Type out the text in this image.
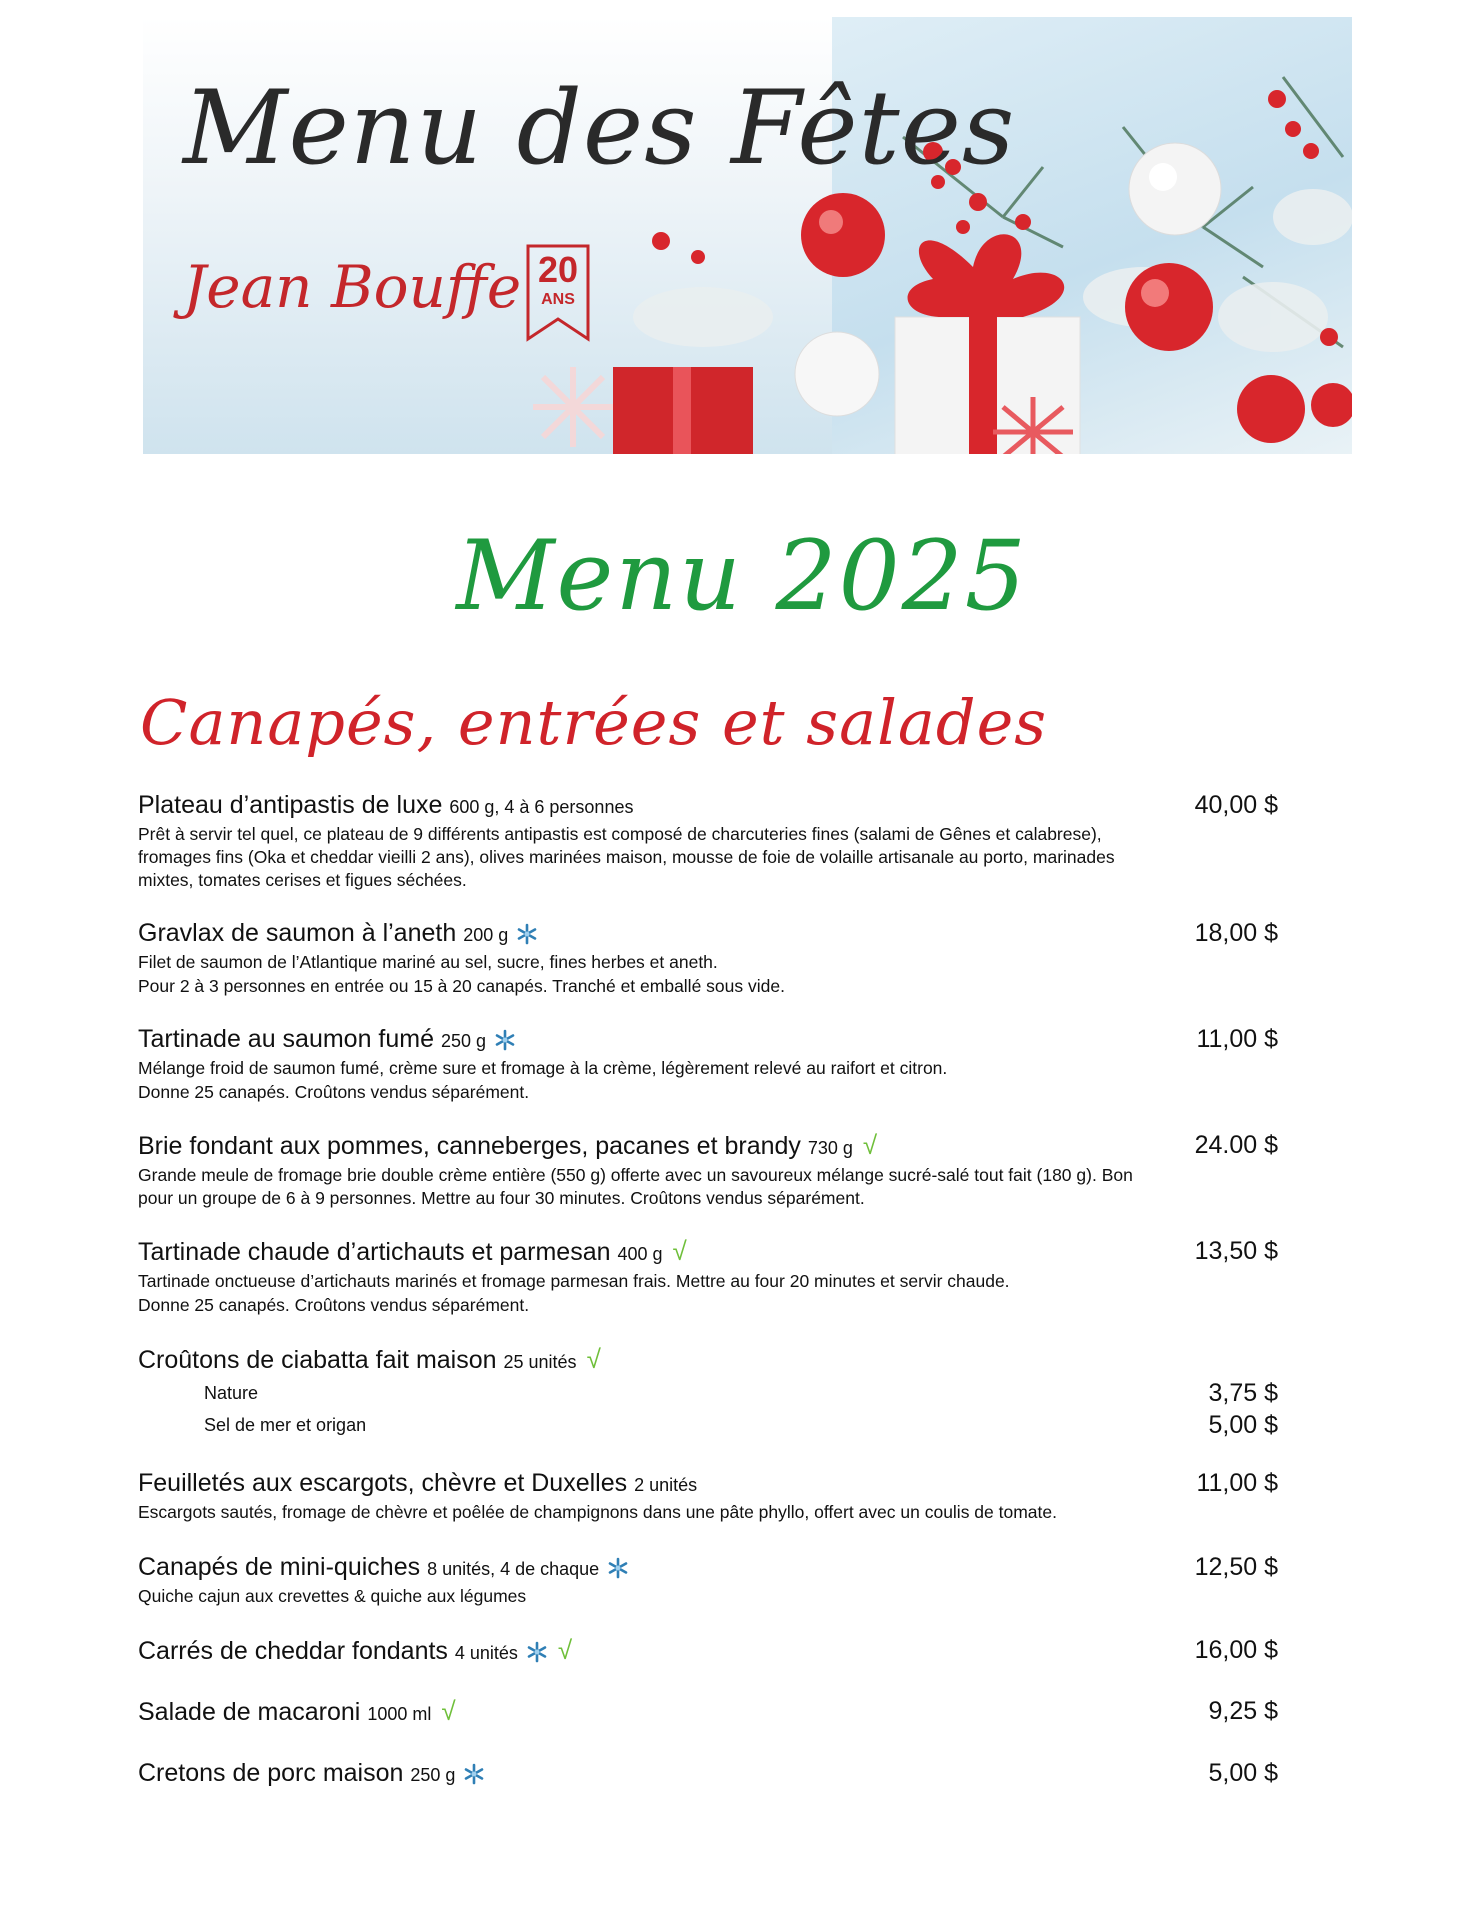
Menu des Fêtes
Jean Bouffe 20
ANS
Menu 2025
Canapés, entrées et salades
Plateau d’antipastis de luxe 600 g, 4 à 6 personnes	40,00 $
Prêt à servir tel quel, ce plateau de 9 différents antipastis est composé de charcuteries fines (salami de Gênes et calabrese), fromages fins (Oka et cheddar vieilli 2 ans), olives marinées maison, mousse de foie de volaille artisanale au porto, marinades mixtes, tomates cerises et figues séchées.
Gravlax de saumon à l’aneth 200 g	18,00 $
Filet de saumon de l’Atlantique mariné au sel, sucre, fines herbes et aneth.
Pour 2 à 3 personnes en entrée ou 15 à 20 canapés. Tranché et emballé sous vide.
Tartinade au saumon fumé 250 g	11,00 $
Mélange froid de saumon fumé, crème sure et fromage à la crème, légèrement relevé au raifort et citron.
Donne 25 canapés. Croûtons vendus séparément.
Brie fondant aux pommes, canneberges, pacanes et brandy 730 g √	24.00 $
Grande meule de fromage brie double crème entière (550 g) offerte avec un savoureux mélange sucré-salé tout fait (180 g). Bon pour un groupe de 6 à 9 personnes. Mettre au four 30 minutes. Croûtons vendus séparément.
Tartinade chaude d’artichauts et parmesan 400 g √	13,50 $
Tartinade onctueuse d’artichauts marinés et fromage parmesan frais. Mettre au four 20 minutes et servir chaude.
Donne 25 canapés. Croûtons vendus séparément.
Croûtons de ciabatta fait maison 25 unités √
Nature	3,75 $
Sel de mer et origan	5,00 $
Feuilletés aux escargots, chèvre et Duxelles 2 unités	11,00 $
Escargots sautés, fromage de chèvre et poêlée de champignons dans une pâte phyllo, offert avec un coulis de tomate.
Canapés de mini-quiches 8 unités, 4 de chaque	12,50 $
Quiche cajun aux crevettes & quiche aux légumes
Carrés de cheddar fondants 4 unités √	16,00 $
Salade de macaroni 1000 ml √	9,25 $
Cretons de porc maison 250 g	5,00 $
